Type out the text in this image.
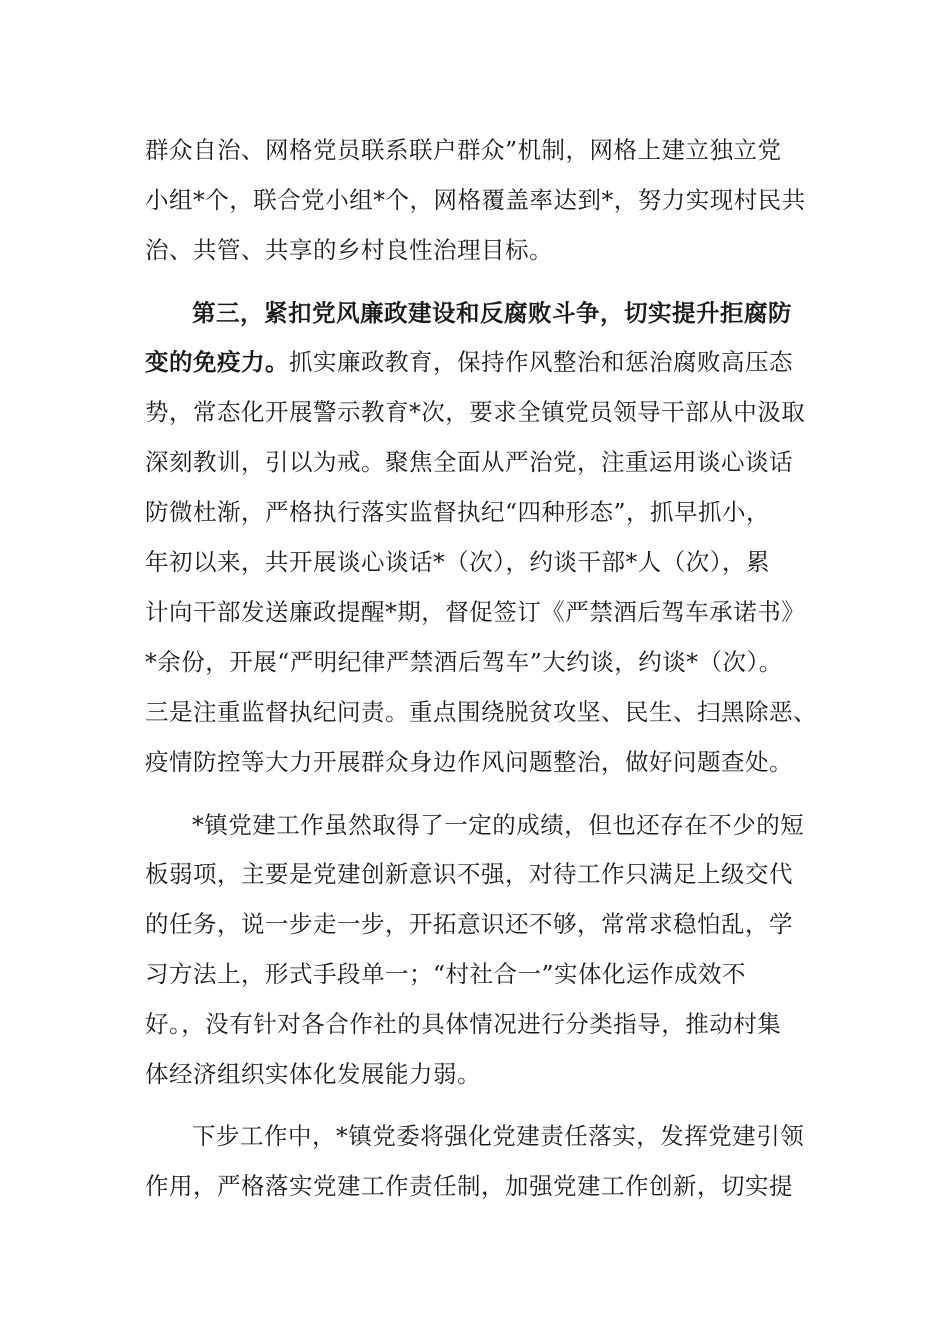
群众自治、网格党员联系联户群众”机制，网格上建立独立党
小组*个，联合党小组*个，网格覆盖率达到*，努力实现村民共
治、共管、共享的乡村良性治理目标。
第三，紧扣党风廉政建设和反腐败斗争，切实提升拒腐防
变的免疫力。抓实廉政教育，保持作风整治和惩治腐败高压态
势，常态化开展警示教育*次，要求全镇党员领导干部从中汲取
深刻教训，引以为戒。聚焦全面从严治党，注重运用谈心谈话
防微杜渐，严格执行落实监督执纪“四种形态”，抓早抓小，
年初以来，共开展谈心谈话*（次），约谈干部*人（次），累
计向干部发送廉政提醒*期，督促签订《严禁酒后驾车承诺书》
*余份，开展“严明纪律严禁酒后驾车”大约谈，约谈*（次）。
三是注重监督执纪问责。重点围绕脱贫攻坚、民生、扫黑除恶、
疫情防控等大力开展群众身边作风问题整治，做好问题查处。
*镇党建工作虽然取得了一定的成绩，但也还存在不少的短
板弱项，主要是党建创新意识不强，对待工作只满足上级交代
的任务，说一步走一步，开拓意识还不够，常常求稳怕乱，学
习方法上，形式手段单一；“村社合一”实体化运作成效不
好。，没有针对各合作社的具体情况进行分类指导，推动村集
体经济组织实体化发展能力弱。
下步工作中，*镇党委将强化党建责任落实，发挥党建引领
作用，严格落实党建工作责任制，加强党建工作创新，切实提
